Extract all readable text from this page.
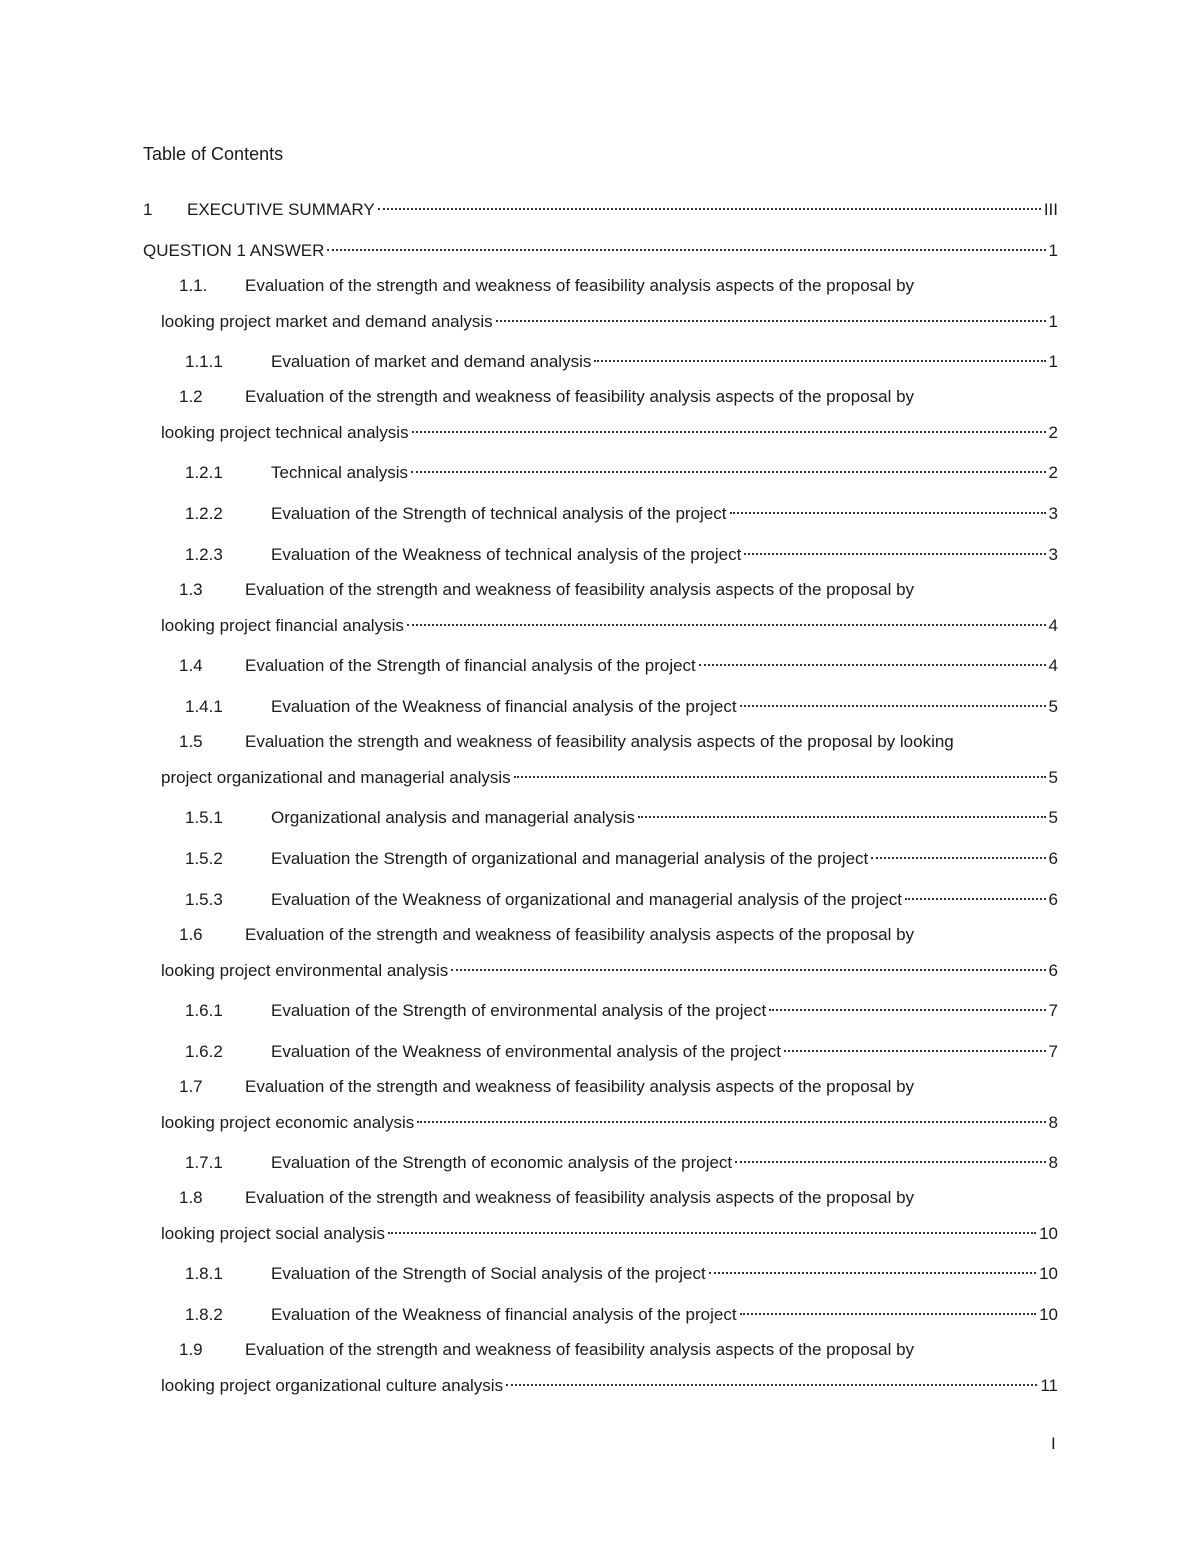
Table of Contents
1	EXECUTIVE SUMMARY	III
QUESTION 1 ANSWER	1
1.1.	Evaluation of the strength and weakness of feasibility analysis aspects of the proposal by
looking project market and demand analysis	1
1.1.1	Evaluation of market and demand analysis	1
1.2	Evaluation of the strength and weakness of feasibility analysis aspects of the proposal by
looking project technical analysis	2
1.2.1	Technical analysis	2
1.2.2	Evaluation of the Strength of technical analysis of the project	3
1.2.3	Evaluation of the Weakness of technical analysis of the project	3
1.3	Evaluation of the strength and weakness of feasibility analysis aspects of the proposal by
looking project financial analysis	4
1.4	Evaluation of the Strength of financial analysis of the project	4
1.4.1	Evaluation of the Weakness of financial analysis of the project	5
1.5	Evaluation the strength and weakness of feasibility analysis aspects of the proposal by looking
project organizational and managerial analysis	5
1.5.1	Organizational analysis and managerial analysis	5
1.5.2	Evaluation the Strength of organizational and managerial analysis of the project	6
1.5.3	Evaluation of the Weakness of organizational and managerial analysis of the project	6
1.6	Evaluation of the strength and weakness of feasibility analysis aspects of the proposal by
looking project environmental analysis	6
1.6.1	Evaluation of the Strength of environmental analysis of the project	7
1.6.2	Evaluation of the Weakness of environmental analysis of the project	7
1.7	Evaluation of the strength and weakness of feasibility analysis aspects of the proposal by
looking project economic analysis	8
1.7.1	Evaluation of the Strength of economic analysis of the project	8
1.8	Evaluation of the strength and weakness of feasibility analysis aspects of the proposal by
looking project social analysis	10
1.8.1	Evaluation of the Strength of Social analysis of the project	10
1.8.2	Evaluation of the Weakness of financial analysis of the project	10
1.9	Evaluation of the strength and weakness of feasibility analysis aspects of the proposal by
looking project organizational culture analysis	11
I
